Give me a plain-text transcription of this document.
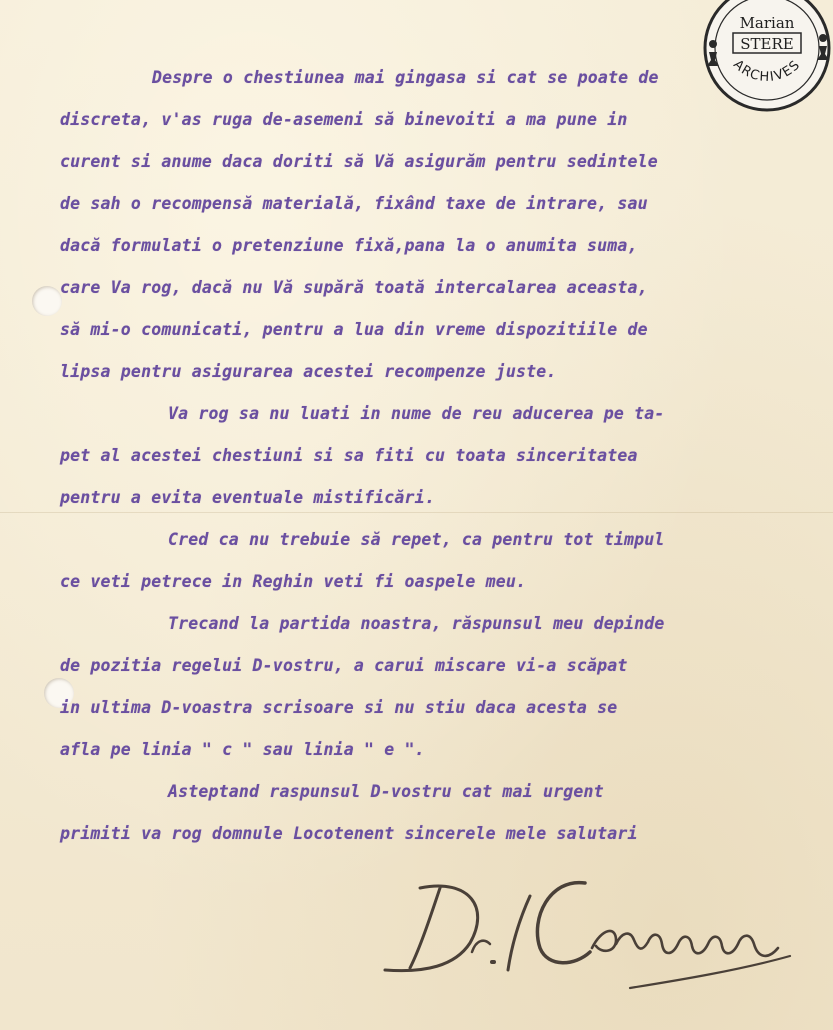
Marian
STERE
ARCHIVES

Despre o chestiunea mai gingasa si cat se poate de

discreta, v'as ruga de-asemeni să binevoiti a ma pune in

curent si anume daca doriti să Vă asigurăm pentru sedintele

de sah o recompensă materială, fixând taxe de intrare, sau

dacă formulati o pretenziune fixă,pana la o anumita suma,

care Va rog, dacă nu Vă supără toată intercalarea aceasta,

să mi-o comunicati, pentru a lua din vreme dispozitiile de

lipsa pentru asigurarea acestei recompenze juste.

Va rog sa nu luati in nume de reu aducerea pe ta-

pet al acestei chestiuni si sa fiti cu toata sinceritatea

pentru a evita eventuale mistificări.

Cred ca nu trebuie să repet, ca pentru tot timpul

ce veti petrece in Reghin veti fi oaspele meu.

Trecand la partida noastra, răspunsul meu depinde

de pozitia regelui D-vostru, a carui miscare vi-a scăpat

in ultima D-voastra scrisoare si nu stiu daca acesta se

afla pe linia " c " sau linia " e ".

Asteptand raspunsul D-vostru cat mai urgent

primiti va rog domnule Locotenent sincerele mele salutari
